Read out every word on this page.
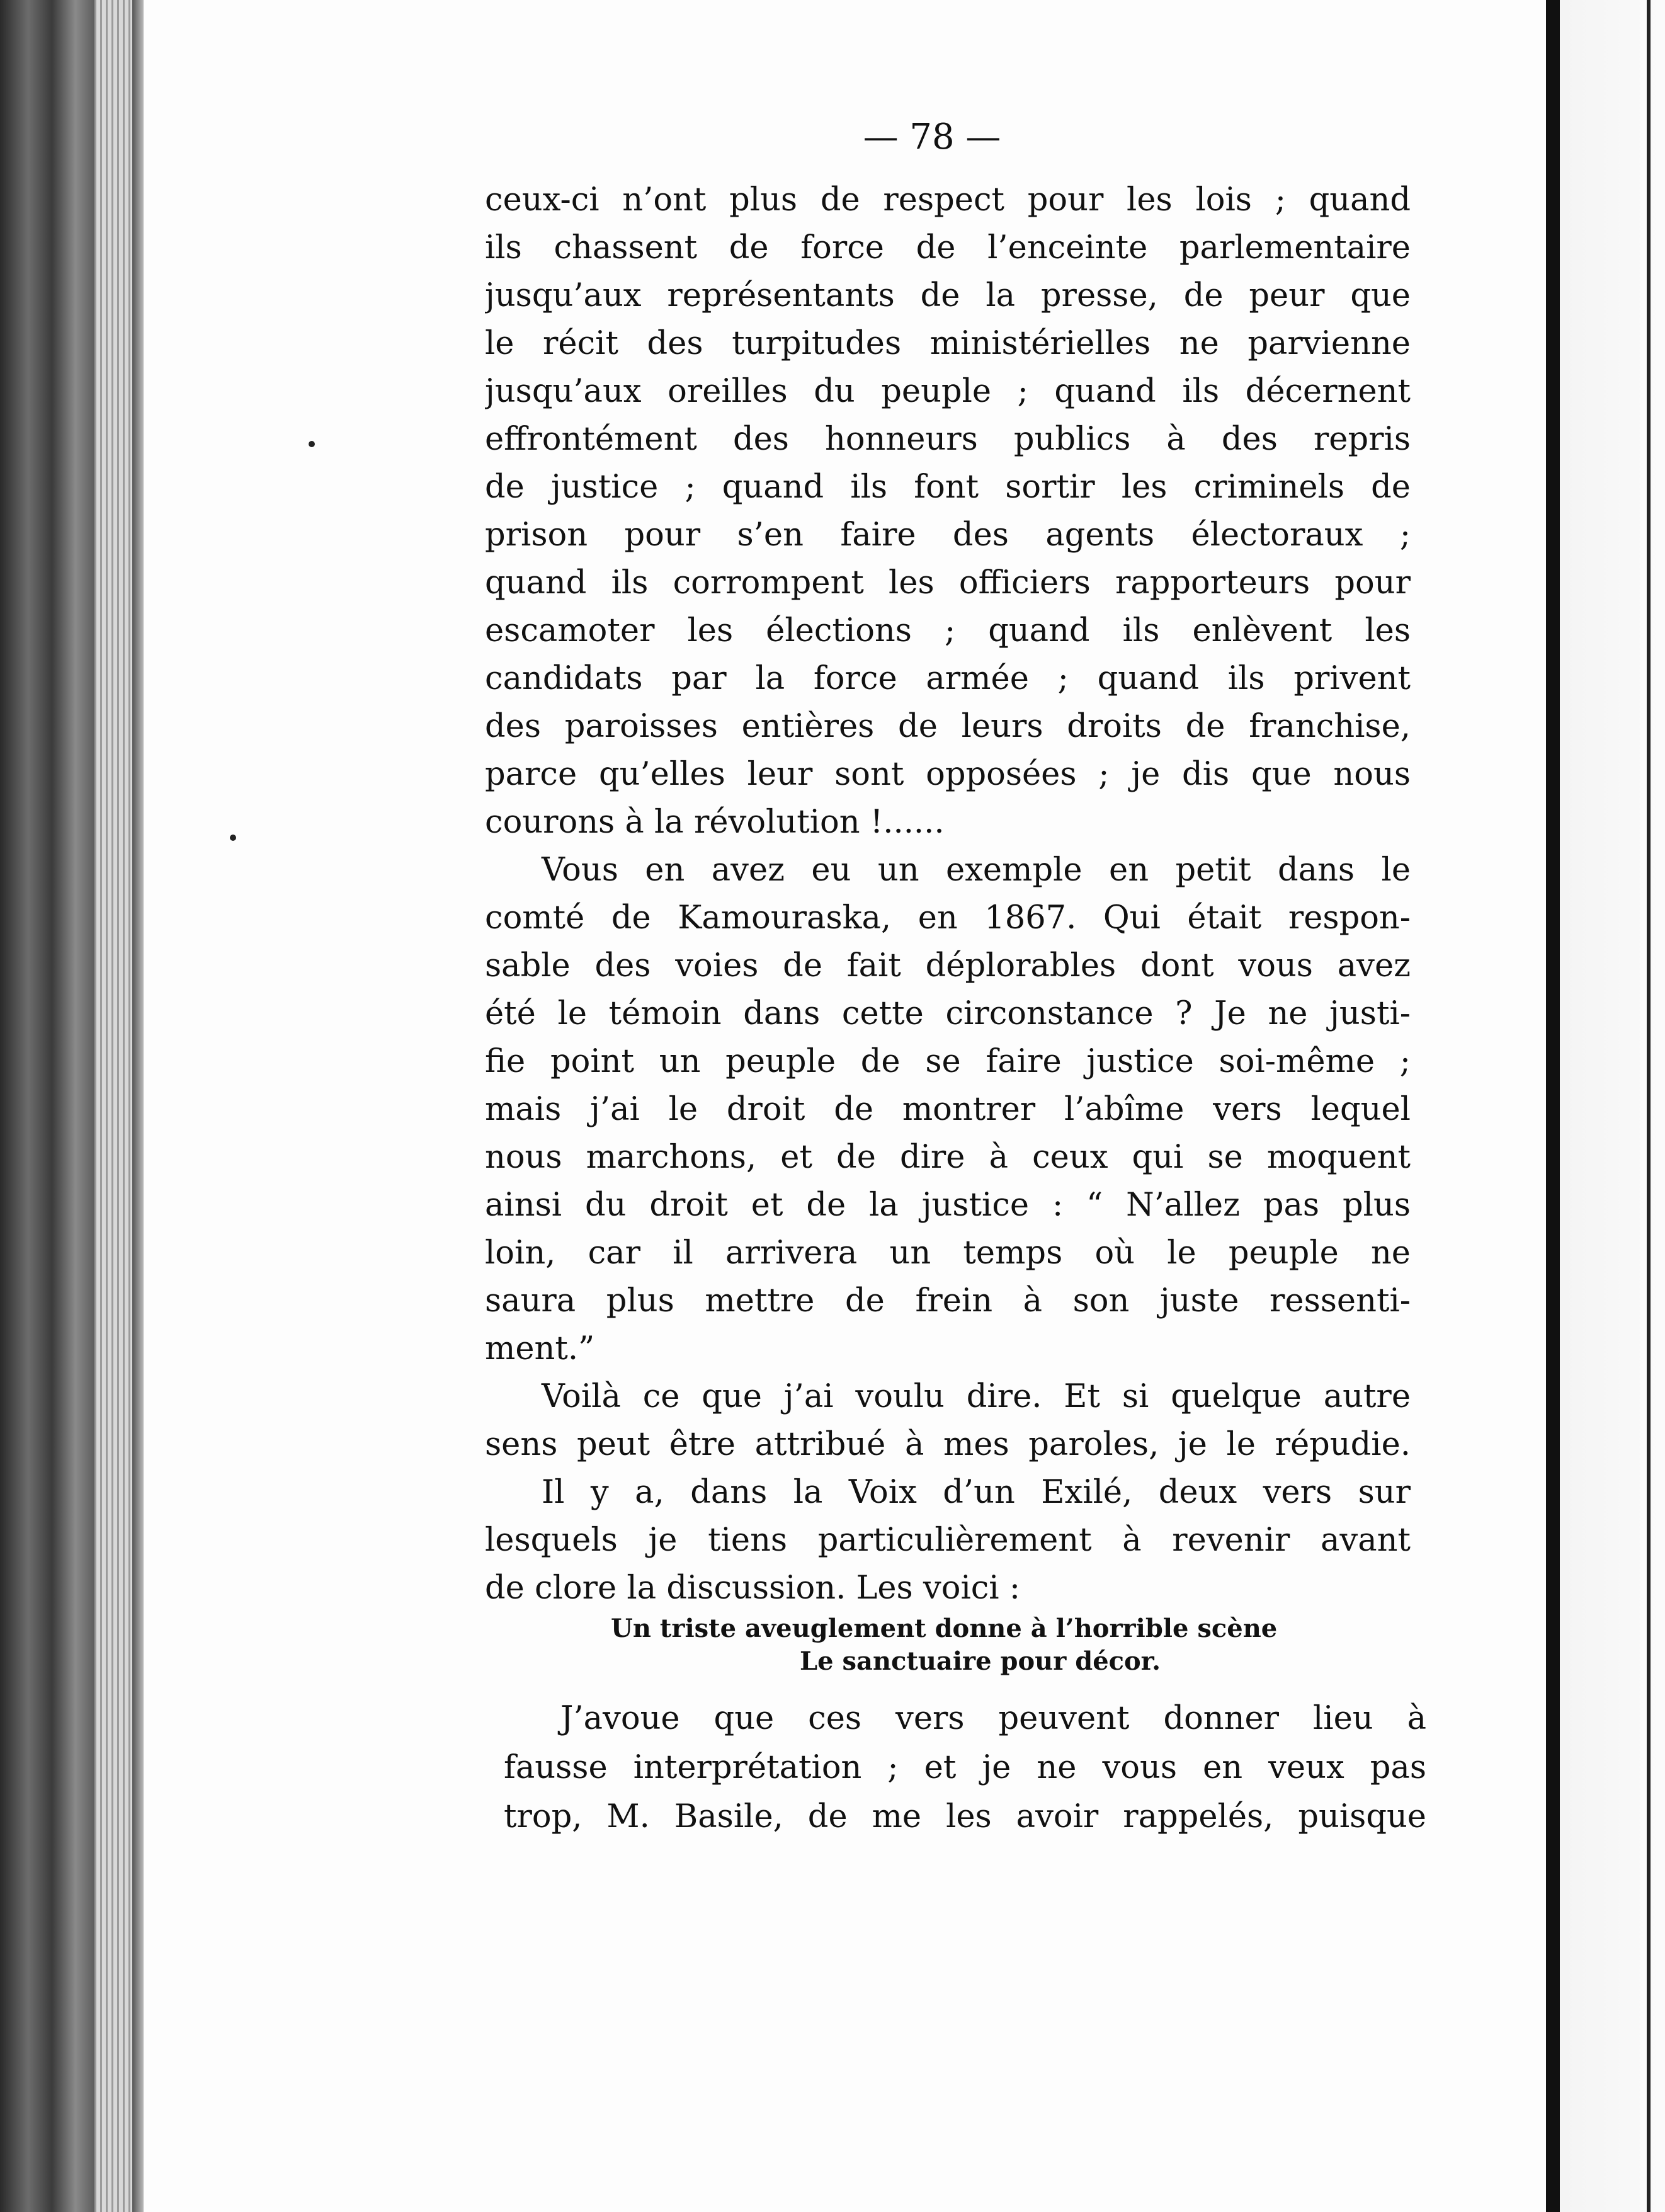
— 78 —
ceux-ci n’ont plus de respect pour les lois ; quand
ils chassent de force de l’enceinte parlementaire
jusqu’aux représentants de la presse, de peur que
le récit des turpitudes ministérielles ne parvienne
jusqu’aux oreilles du peuple ; quand ils décernent
effrontément des honneurs publics à des repris
de justice ; quand ils font sortir les criminels de
prison pour s’en faire des agents électoraux ;
quand ils corrompent les officiers rapporteurs pour
escamoter les élections ; quand ils enlèvent les
candidats par la force armée ; quand ils privent
des paroisses entières de leurs droits de franchise,
parce qu’elles leur sont opposées ; je dis que nous
courons à la révolution !......
Vous en avez eu un exemple en petit dans le
comté de Kamouraska, en 1867. Qui était respon-
sable des voies de fait déplorables dont vous avez
été le témoin dans cette circonstance ? Je ne justi-
fie point un peuple de se faire justice soi-même ;
mais j’ai le droit de montrer l’abîme vers lequel
nous marchons, et de dire à ceux qui se moquent
ainsi du droit et de la justice : “ N’allez pas plus
loin, car il arrivera un temps où le peuple ne
saura plus mettre de frein à son juste ressenti-
ment.”
Voilà ce que j’ai voulu dire. Et si quelque autre
sens peut être attribué à mes paroles, je le répudie.
Il y a, dans la Voix d’un Exilé, deux vers sur
lesquels je tiens particulièrement à revenir avant
de clore la discussion. Les voici :
Un triste aveuglement donne à l’horrible scène
Le sanctuaire pour décor.
J’avoue que ces vers peuvent donner lieu à
fausse interprétation ; et je ne vous en veux pas
trop, M. Basile, de me les avoir rappelés, puisque
